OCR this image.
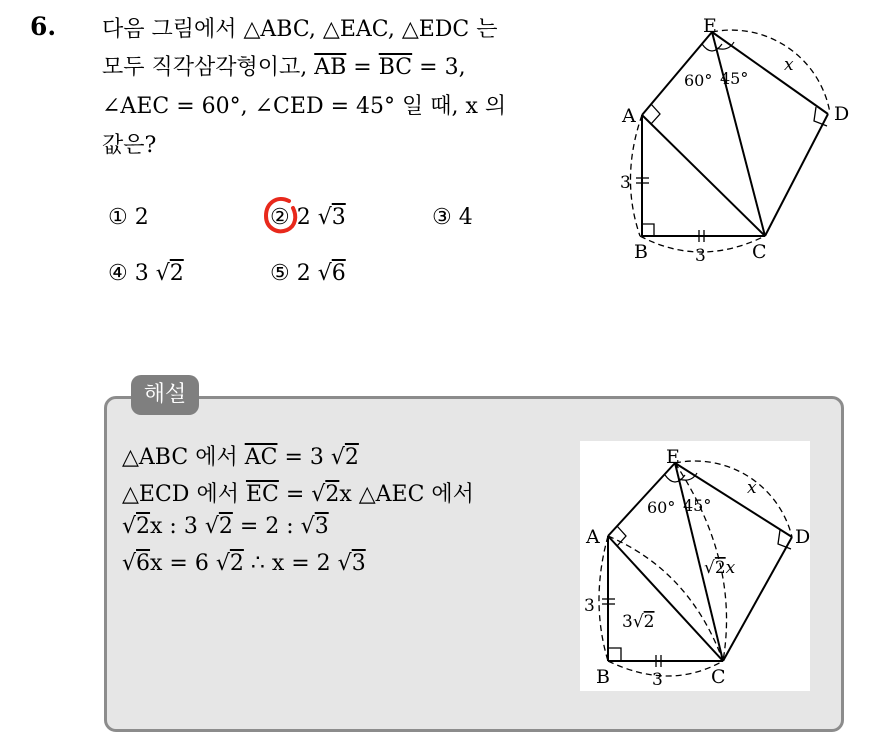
6. 다음 그림에서 △ABC, △EAC, △EDC 는
모두 직각삼각형이고, $\overline{AB} = \overline{BC} = 3$,
∠AEC = 60°, ∠CED = 45° 일 때, x 의
값은?
① 2	② 2 √3	③ 4
④ 3 √2	⑤ 2 √6
E
A
B	C
D
x
60° 45°
3
3
해설
△ABC 에서 $\overline{AC} = 3$ √2
△ECD 에서 $\overline{EC} = √2x$ △AEC 에서
√2x : 3 √2 = 2 : √3
√6x = 6 √2 ∴ x = 2 √3
E
A
B	C
D
x
60° 45°
3
3
3√2
√2x
